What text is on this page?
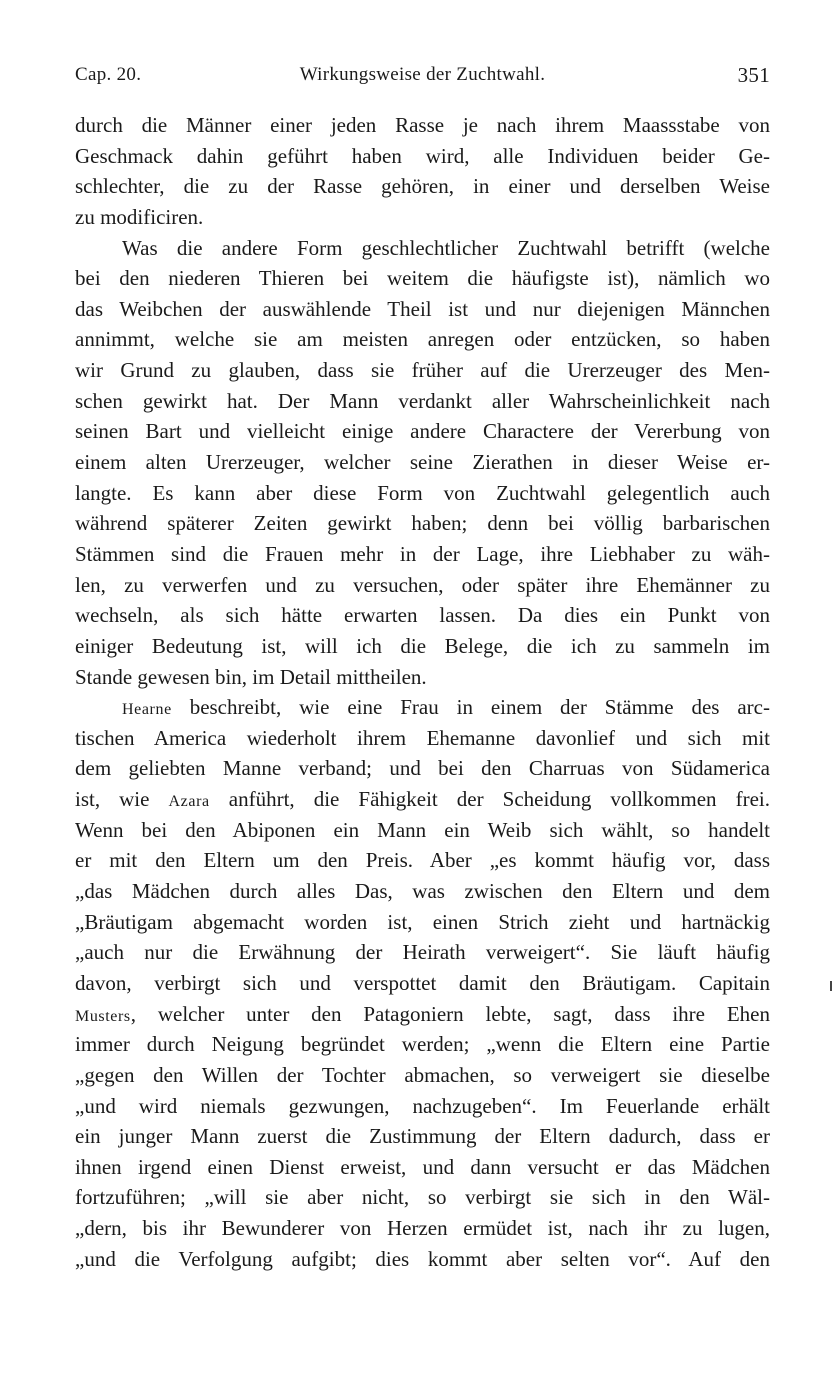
Cap. 20.	Wirkungsweise der Zuchtwahl.	351
durch die Männer einer jeden Rasse je nach ihrem Maassstabe von
Geschmack dahin geführt haben wird, alle Individuen beider Ge-
schlechter, die zu der Rasse gehören, in einer und derselben Weise
zu modificiren.
Was die andere Form geschlechtlicher Zuchtwahl betrifft (welche
bei den niederen Thieren bei weitem die häufigste ist), nämlich wo
das Weibchen der auswählende Theil ist und nur diejenigen Männchen
annimmt, welche sie am meisten anregen oder entzücken, so haben
wir Grund zu glauben, dass sie früher auf die Urerzeuger des Men-
schen gewirkt hat. Der Mann verdankt aller Wahrscheinlichkeit nach
seinen Bart und vielleicht einige andere Charactere der Vererbung von
einem alten Urerzeuger, welcher seine Zierathen in dieser Weise er-
langte. Es kann aber diese Form von Zuchtwahl gelegentlich auch
während späterer Zeiten gewirkt haben; denn bei völlig barbarischen
Stämmen sind die Frauen mehr in der Lage, ihre Liebhaber zu wäh-
len, zu verwerfen und zu versuchen, oder später ihre Ehemänner zu
wechseln, als sich hätte erwarten lassen. Da dies ein Punkt von
einiger Bedeutung ist, will ich die Belege, die ich zu sammeln im
Stande gewesen bin, im Detail mittheilen.
Hearne beschreibt, wie eine Frau in einem der Stämme des arc-
tischen America wiederholt ihrem Ehemanne davonlief und sich mit
dem geliebten Manne verband; und bei den Charruas von Südamerica
ist, wie Azara anführt, die Fähigkeit der Scheidung vollkommen frei.
Wenn bei den Abiponen ein Mann ein Weib sich wählt, so handelt
er mit den Eltern um den Preis. Aber „es kommt häufig vor, dass
„das Mädchen durch alles Das, was zwischen den Eltern und dem
„Bräutigam abgemacht worden ist, einen Strich zieht und hartnäckig
„auch nur die Erwähnung der Heirath verweigert“. Sie läuft häufig
davon, verbirgt sich und verspottet damit den Bräutigam. Capitain
Musters, welcher unter den Patagoniern lebte, sagt, dass ihre Ehen
immer durch Neigung begründet werden; „wenn die Eltern eine Partie
„gegen den Willen der Tochter abmachen, so verweigert sie dieselbe
„und wird niemals gezwungen, nachzugeben“. Im Feuerlande erhält
ein junger Mann zuerst die Zustimmung der Eltern dadurch, dass er
ihnen irgend einen Dienst erweist, und dann versucht er das Mädchen
fortzuführen; „will sie aber nicht, so verbirgt sie sich in den Wäl-
„dern, bis ihr Bewunderer von Herzen ermüdet ist, nach ihr zu lugen,
„und die Verfolgung aufgibt; dies kommt aber selten vor“. Auf den
